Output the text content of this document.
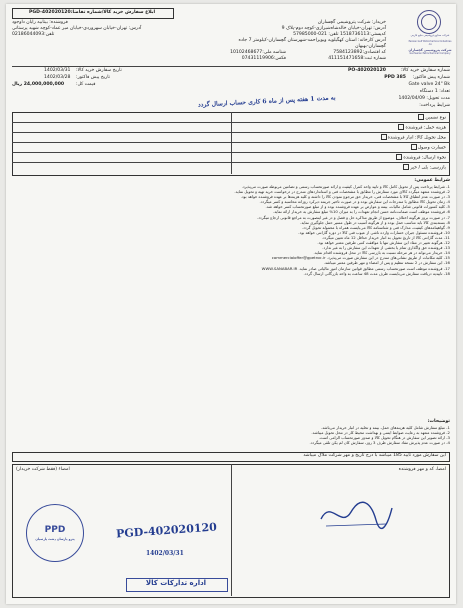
شرکت صنایع پتروشیمی خلیج فارس
Persian Gulf Petrochemical Industries Co.
شرکت پتروشیمی گچساران
Gachsaran Petrochemical Company
ابلاغ سفارش خرید کالا/شماره تقاضا:PGD-402020120
خریدار: شرکت پتروشیمی گچساران
آدرس: تهران-خیابان خالدشاه‌شیرازی-کوچه دوم-پلاک 9
کدپستی:1518736113 تلفن: 021-57985000
آدرس کارخانه: استان کهگیلویه وبویراحمد-شهرستان گچساران-کیلومتر 7 جاده
گچساران-بهبهان
کد اقتصادی:7584123892
شناسه ملی:10102468677
شماره ثبت:411151471658
فکس:07431119906
فروشنده: بیتابیه رایان داوجود
آدرس: تهران-خیابان سهروردی-خیابان میر عماد-کوچه شهید پرستانی
تلفن:02186044093
شماره سفارش خرید کالا:
PO-402020120
تاریخ سفارش خرید کالا:
1402/03/31
شماره پیش فاکتور:
PPD 385
تاریخ پیش فاکتور:
1402/03/28
Gate valve 24" Bk
قیمت کل:
24,000,000,000 ریال
تعداد: 1 دستگاه
مدت تحویل: 1402/04/09
شرایط پرداخت:
به مدت 1 هفته پس از ماه 6 کاری حساب ارسال گردد
نوع تضمین
هزینه حمل: فروشنده
محل تحویل کالا: انبار فروشنده
خسارت وصول
نحوه ارسال: فروشنده
بازرسی: بلی / خیر
شرایط عمومی:

1- شرایط پرداخت پس از تحویل کامل کالا و تایید واحد کنترل کیفیت و ارائه صورتحساب رسمی و تضامین مربوطه صورت می‌پذیرد.

2- فروشنده متعهد میگردد کالای مورد سفارش را مطابق با مشخصات فنی و استانداردهای مندرج در درخواست خرید تهیه و تحویل نماید.

3- در صورت عدم انطباق کالا با مشخصات فنی، خریدار حق مرجوع نمودن کالا را داشته و کلیه هزینه‌ها بر عهده فروشنده خواهد بود.

4- زمان تحویل کالا مطابق با مندرجات این سفارش بوده و در صورت تاخیر جریمه دیرکرد روزانه محاسبه و کسر میگردد.

5- کلیه کسورات قانونی شامل مالیات، بیمه و عوارض بر عهده فروشنده بوده و از مبلغ صورتحساب کسر خواهد شد.

6- فروشنده موظف است ضمانت‌نامه حسن انجام تعهدات را به میزان 10% مبلغ سفارش به خریدار ارائه نماید.

7- در صورت بروز هرگونه اختلاف، موضوع از طریق مذاکره حل و فصل و در غیر اینصورت به مراجع قانونی ارجاع میگردد.

8- بسته‌بندی کالا باید مناسب حمل بوده و از هرگونه آسیب در طول مسیر حمل جلوگیری نماید.

9- گواهینامه‌های کیفیت، مدارک فنی و شناسنامه کالا می‌بایست همراه با محموله تحویل گردد.

10- فروشنده مسئول جبران خسارات وارده ناشی از عیوب فنی کالا در دوره گارانتی خواهد بود.

11- مدت گارانتی کالا از تاریخ تحویل به انبار خریدار حداقل 12 ماه تعیین میگردد.

12- هرگونه تغییر در مفاد این سفارش تنها با موافقت کتبی طرفین معتبر خواهد بود.

13- فروشنده حق واگذاری تمام یا بخشی از تعهدات این سفارش را به غیر ندارد.

14- خریدار می‌تواند در هر مرحله نسبت به بازرسی کالا در محل فروشنده اقدام نماید.

15- کلیه مکاتبات از طریق نشانی‌های مندرج در این سفارش صورت می‌پذیرد. commercialoffer@gpetroc.ir

16- این سفارش در 2 نسخه تنظیم و پس از امضاء و مهر طرفین معتبر میباشد.

17- فروشنده موظف است صورتحساب رسمی مطابق قوانین سازمان امور مالیاتی صادر نماید. WWW.SANABAR.IR

18- تاییدیه دریافت سفارش می‌بایست ظرف مدت 48 ساعت به واحد بازرگانی ارسال گردد.

توضیحات:

1- مبلغ سفارش شامل کلیه هزینه‌های حمل، بیمه و تخلیه در انبار خریدار می‌باشد.

2- فروشنده متعهد به رعایت ضوابط ایمنی و بهداشت محیط کار در محل تحویل میباشد.

3- ارائه تصویر این سفارش در هنگام تحویل کالا و صدور صورتحساب الزامی است.

4- در صورت عدم پذیرش مفاد سفارش ظرف 3 روز، سفارش کان لم یکن تلقی میگردد.

این سفارش مورد تایید 185 میباشد با درج تاریخ و مهر شرکت ملاک میباشد
امضا، کد و مهر فروشنده
امضاء (فقط شرکت خریدار)
PPD
پترو پارسان دشت پارسیان	PGD-402020120
1402/03/31
اداره تدارکات کالا
